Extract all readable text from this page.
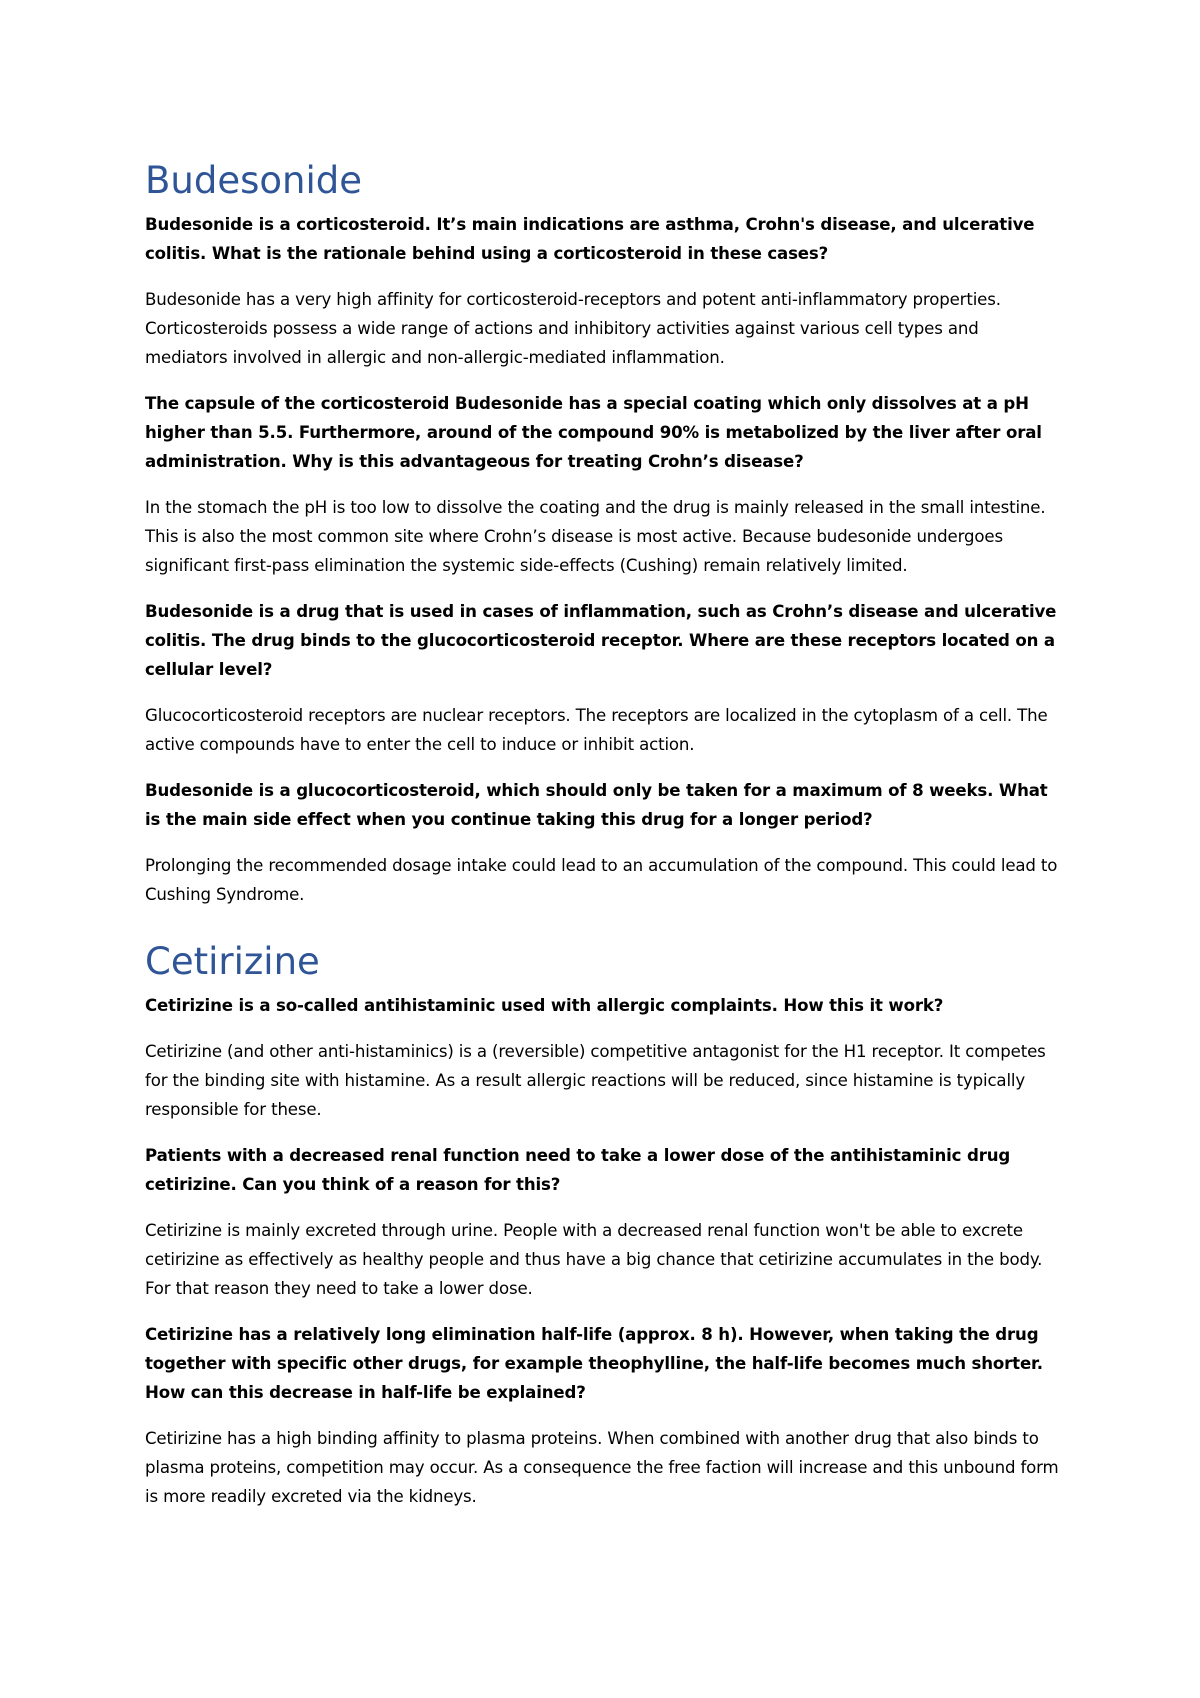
Budesonide

Budesonide is a corticosteroid. It’s main indications are asthma, Crohn's disease, and ulcerative colitis. What is the rationale behind using a corticosteroid in these cases?

Budesonide has a very high affinity for corticosteroid-receptors and potent anti-inflammatory properties. Corticosteroids possess a wide range of actions and inhibitory activities against various cell types and mediators involved in allergic and non-allergic-mediated inflammation.

The capsule of the corticosteroid Budesonide has a special coating which only dissolves at a pH higher than 5.5. Furthermore, around of the compound 90% is metabolized by the liver after oral administration. Why is this advantageous for treating Crohn’s disease?

In the stomach the pH is too low to dissolve the coating and the drug is mainly released in the small intestine. This is also the most common site where Crohn’s disease is most active. Because budesonide undergoes significant first-pass elimination the systemic side-effects (Cushing) remain relatively limited.

Budesonide is a drug that is used in cases of inflammation, such as Crohn’s disease and ulcerative colitis. The drug binds to the glucocorticosteroid receptor. Where are these receptors located on a cellular level?

Glucocorticosteroid receptors are nuclear receptors. The receptors are localized in the cytoplasm of a cell. The active compounds have to enter the cell to induce or inhibit action.

Budesonide is a glucocorticosteroid, which should only be taken for a maximum of 8 weeks. What is the main side effect when you continue taking this drug for a longer period?

Prolonging the recommended dosage intake could lead to an accumulation of the compound. This could lead to Cushing Syndrome.

Cetirizine

Cetirizine is a so-called antihistaminic used with allergic complaints. How this it work?

Cetirizine (and other anti-histaminics) is a (reversible) competitive antagonist for the H1 receptor. It competes for the binding site with histamine. As a result allergic reactions will be reduced, since histamine is typically responsible for these.

Patients with a decreased renal function need to take a lower dose of the antihistaminic drug cetirizine. Can you think of a reason for this?

Cetirizine is mainly excreted through urine. People with a decreased renal function won't be able to excrete cetirizine as effectively as healthy people and thus have a big chance that cetirizine accumulates in the body. For that reason they need to take a lower dose.

Cetirizine has a relatively long elimination half-life (approx. 8 h). However, when taking the drug together with specific other drugs, for example theophylline, the half-life becomes much shorter. How can this decrease in half-life be explained?

Cetirizine has a high binding affinity to plasma proteins. When combined with another drug that also binds to plasma proteins, competition may occur. As a consequence the free faction will increase and this unbound form is more readily excreted via the kidneys.
